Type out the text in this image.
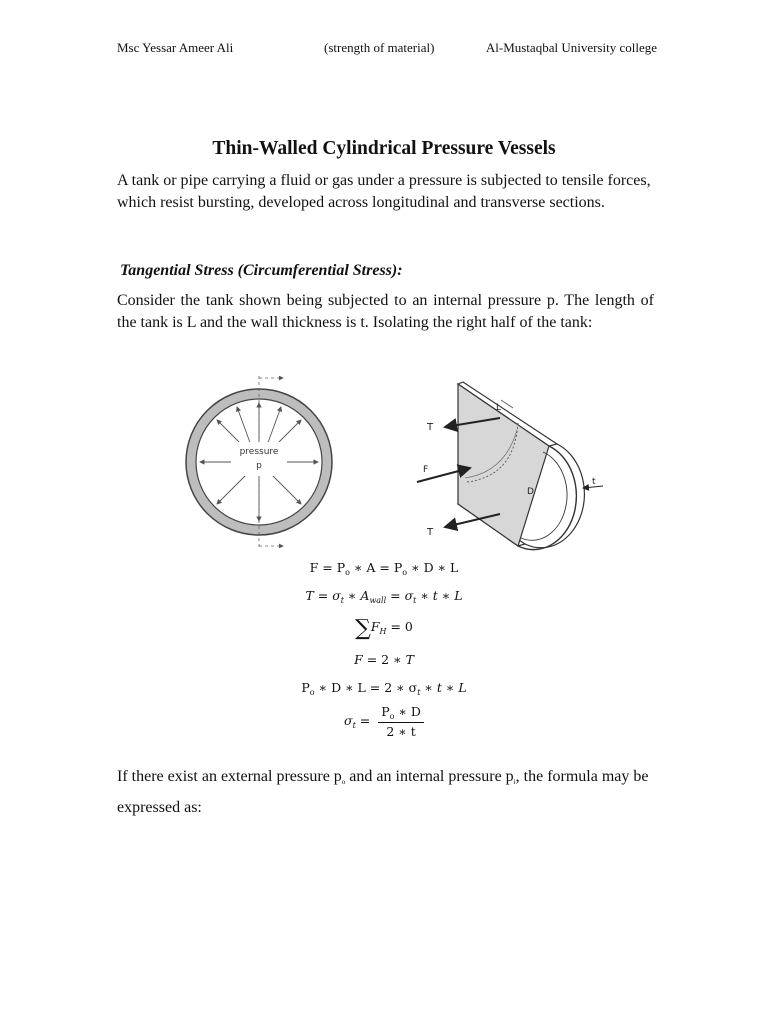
Msc Yessar Ameer Ali	(strength of material)	Al-Mustaqbal University college
Thin-Walled Cylindrical Pressure Vessels

A tank or pipe carrying a fluid or gas under a pressure is subjected to tensile forces, which resist bursting, developed across longitudinal and transverse sections.

Tangential Stress (Circumferential Stress):

Consider the tank shown being subjected to an internal pressure p. The length of the tank is L and the wall thickness is t. Isolating the right half of the tank:

pressure
p
T
T
F
L
D
t
$F = P_o$ ∗ $A = P_o$ ∗ D ∗ L
$T = \sigma_t$ ∗ $A_{wall} = \sigma_t$ ∗ t ∗ L
$\sum F_H = 0$
F = 2 ∗ T
$P_o$ ∗ D ∗ L = 2 ∗ $\sigma_t$ ∗ t ∗ L
$\sigma_t = \frac{P_o ∗ D}{2 ∗ t}$

If there exist an external pressure po and an internal pressure pi, the formula may be expressed as:
